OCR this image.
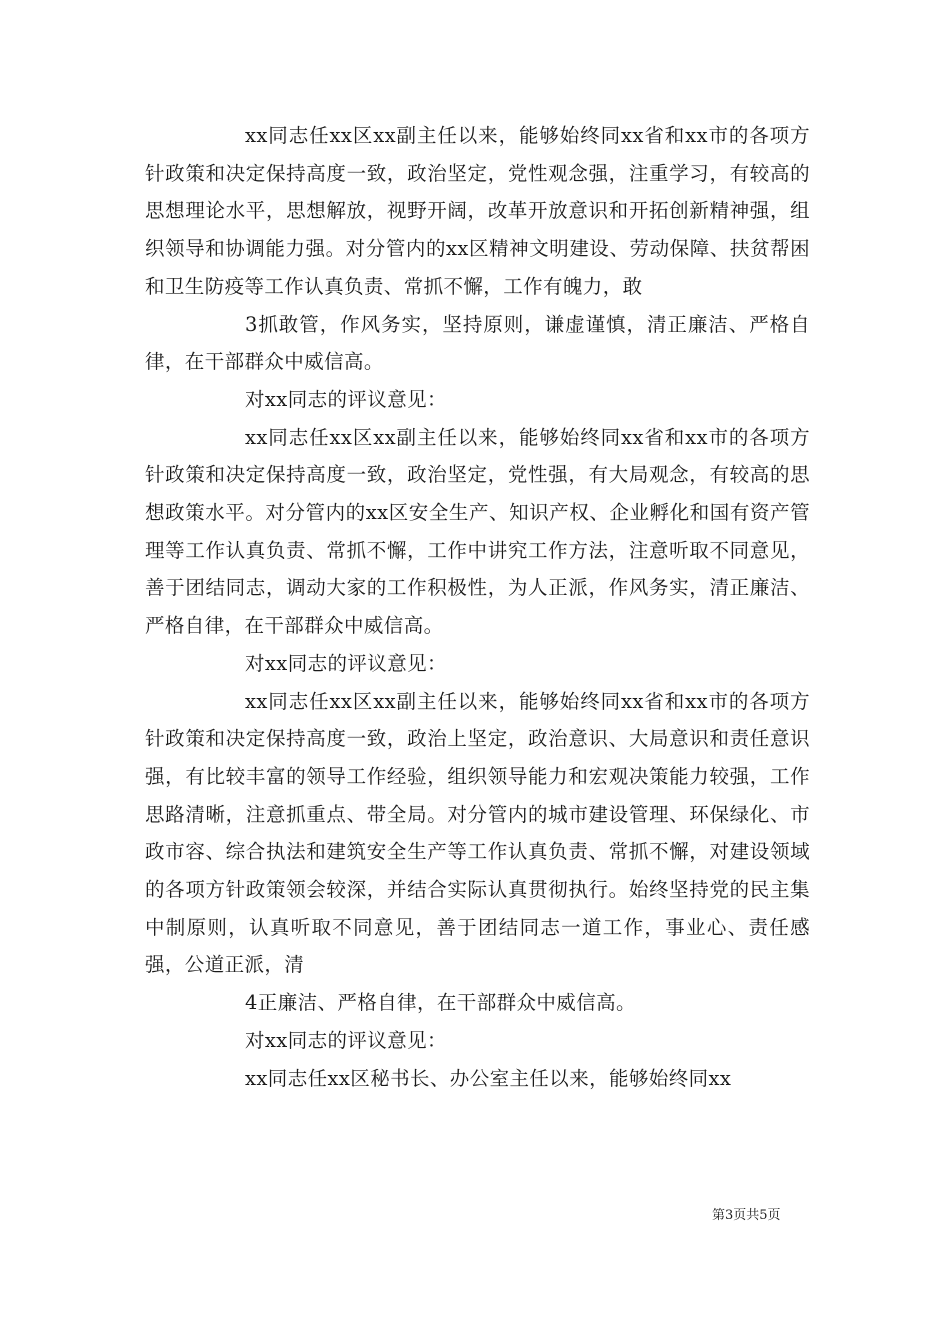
xx同志任xx区xx副主任以来，能够始终同xx省和xx市的各项方针政策和决定保持高度一致，政治坚定，党性观念强，注重学习，有较高的思想理论水平，思想解放，视野开阔，改革开放意识和开拓创新精神强，组织领导和协调能力强。对分管内的xx区精神文明建设、劳动保障、扶贫帮困和卫生防疫等工作认真负责、常抓不懈，工作有魄力，敢

3抓敢管，作风务实，坚持原则，谦虚谨慎，清正廉洁、严格自律，在干部群众中威信高。

对xx同志的评议意见：

xx同志任xx区xx副主任以来，能够始终同xx省和xx市的各项方针政策和决定保持高度一致，政治坚定，党性强，有大局观念，有较高的思想政策水平。对分管内的xx区安全生产、知识产权、企业孵化和国有资产管理等工作认真负责、常抓不懈，工作中讲究工作方法，注意听取不同意见，善于团结同志，调动大家的工作积极性，为人正派，作风务实，清正廉洁、严格自律，在干部群众中威信高。

对xx同志的评议意见：

xx同志任xx区xx副主任以来，能够始终同xx省和xx市的各项方针政策和决定保持高度一致，政治上坚定，政治意识、大局意识和责任意识强，有比较丰富的领导工作经验，组织领导能力和宏观决策能力较强，工作思路清晰，注意抓重点、带全局。对分管内的城市建设管理、环保绿化、市政市容、综合执法和建筑安全生产等工作认真负责、常抓不懈，对建设领域的各项方针政策领会较深，并结合实际认真贯彻执行。始终坚持党的民主集中制原则，认真听取不同意见，善于团结同志一道工作，事业心、责任感强，公道正派，清

4正廉洁、严格自律，在干部群众中威信高。

对xx同志的评议意见：

xx同志任xx区秘书长、办公室主任以来，能够始终同xx

第3页共5页
